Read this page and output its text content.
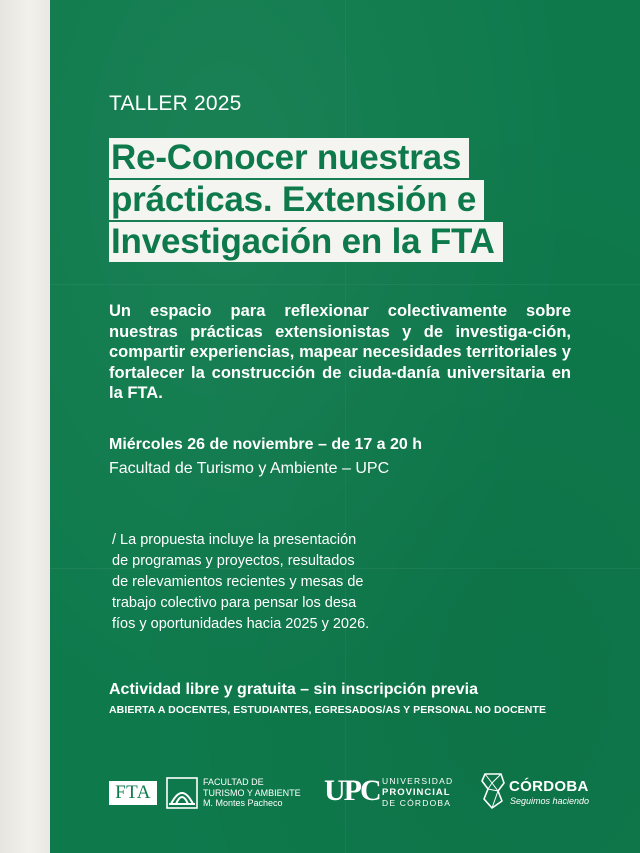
TALLER 2025
Re-Conocer nuestras
prácticas. Extensión e
Investigación en la FTA
Un espacio para reflexionar colectivamente sobre nuestras prácticas extensionistas y de investiga-ción, compartir experiencias, mapear necesidades territoriales y fortalecer la construcción de ciuda-danía universitaria en la FTA.
Miércoles 26 de noviembre – de 17 a 20 h
Facultad de Turismo y Ambiente – UPC
/ La propuesta incluye la presentación
de programas y proyectos, resultados
de relevamientos recientes y mesas de
trabajo colectivo para pensar los desa
fíos y oportunidades hacia 2025 y 2026.
Actividad libre y gratuita – sin inscripción previa
ABIERTA A DOCENTES, ESTUDIANTES, EGRESADOS/AS Y PERSONAL NO DOCENTE
FTA	FACULTAD DE
TURISMO Y AMBIENTE
M. Montes Pacheco	UPC UNIVERSIDAD
PROVINCIAL
DE CÓRDOBA
CÓRDOBA
Seguimos haciendo
